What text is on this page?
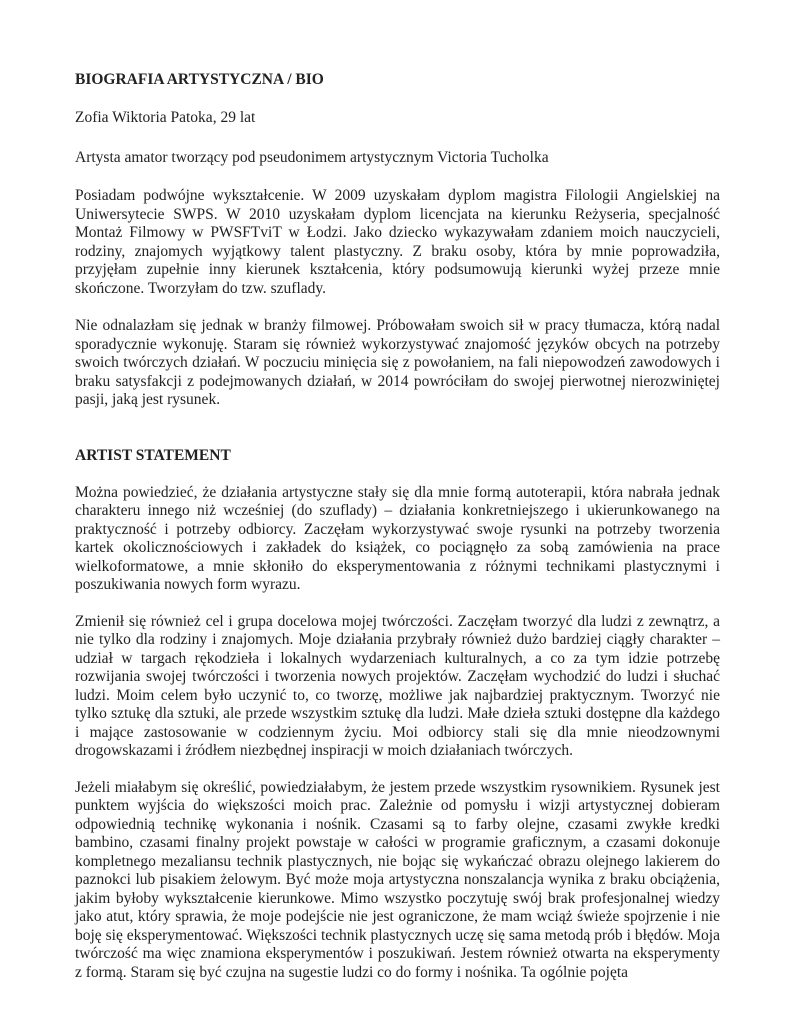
BIOGRAFIA ARTYSTYCZNA / BIO

Zofia Wiktoria Patoka, 29 lat

Artysta amator tworzący pod pseudonimem artystycznym Victoria Tucholka

Posiadam podwójne wykształcenie. W 2009 uzyskałam dyplom magistra Filologii Angielskiej na Uniwersytecie SWPS. W 2010 uzyskałam dyplom licencjata na kierunku Reżyseria, specjalność Montaż Filmowy w PWSFTviT w Łodzi. Jako dziecko wykazywałam zdaniem moich nauczycieli, rodziny, znajomych wyjątkowy talent plastyczny. Z braku osoby, która by mnie poprowadziła, przyjęłam zupełnie inny kierunek kształcenia, który podsumowują kierunki wyżej przeze mnie skończone. Tworzyłam do tzw. szuflady.

Nie odnalazłam się jednak w branży filmowej. Próbowałam swoich sił w pracy tłumacza, którą nadal sporadycznie wykonuję. Staram się również wykorzystywać znajomość języków obcych na potrzeby swoich twórczych działań. W poczuciu minięcia się z powołaniem, na fali niepowodzeń zawodowych i braku satysfakcji z podejmowanych działań, w 2014 powróciłam do swojej pierwotnej nierozwiniętej pasji, jaką jest rysunek.

ARTIST STATEMENT

Można powiedzieć, że działania artystyczne stały się dla mnie formą autoterapii, która nabrała jednak charakteru innego niż wcześniej (do szuflady) – działania konkretniejszego i ukierunkowanego na praktyczność i potrzeby odbiorcy. Zaczęłam wykorzystywać swoje rysunki na potrzeby tworzenia kartek okolicznościowych i zakładek do książek, co pociągnęło za sobą zamówienia na prace wielkoformatowe, a mnie skłoniło do eksperymentowania z różnymi technikami plastycznymi i poszukiwania nowych form wyrazu.

Zmienił się również cel i grupa docelowa mojej twórczości. Zaczęłam tworzyć dla ludzi z zewnątrz, a nie tylko dla rodziny i znajomych. Moje działania przybrały również dużo bardziej ciągły charakter – udział w targach rękodzieła i lokalnych wydarzeniach kulturalnych, a co za tym idzie potrzebę rozwijania swojej twórczości i tworzenia nowych projektów. Zaczęłam wychodzić do ludzi i słuchać ludzi. Moim celem było uczynić to, co tworzę, możliwe jak najbardziej praktycznym. Tworzyć nie tylko sztukę dla sztuki, ale przede wszystkim sztukę dla ludzi. Małe dzieła sztuki dostępne dla każdego i mające zastosowanie w codziennym życiu. Moi odbiorcy stali się dla mnie nieodzownymi drogowskazami i źródłem niezbędnej inspiracji w moich działaniach twórczych.

Jeżeli miałabym się określić, powiedziałabym, że jestem przede wszystkim rysownikiem. Rysunek jest punktem wyjścia do większości moich prac. Zależnie od pomysłu i wizji artystycznej dobieram odpowiednią technikę wykonania i nośnik. Czasami są to farby olejne, czasami zwykłe kredki bambino, czasami finalny projekt powstaje w całości w programie graficznym, a czasami dokonuje kompletnego mezaliansu technik plastycznych, nie bojąc się wykańczać obrazu olejnego lakierem do paznokci lub pisakiem żelowym. Być może moja artystyczna nonszalancja wynika z braku obciążenia, jakim byłoby wykształcenie kierunkowe. Mimo wszystko poczytuję swój brak profesjonalnej wiedzy jako atut, który sprawia, że moje podejście nie jest ograniczone, że mam wciąż świeże spojrzenie i nie boję się eksperymentować. Większości technik plastycznych uczę się sama metodą prób i błędów. Moja twórczość ma więc znamiona eksperymentów i poszukiwań. Jestem również otwarta na eksperymenty z formą. Staram się być czujna na sugestie ludzi co do formy i nośnika. Ta ogólnie pojęta
